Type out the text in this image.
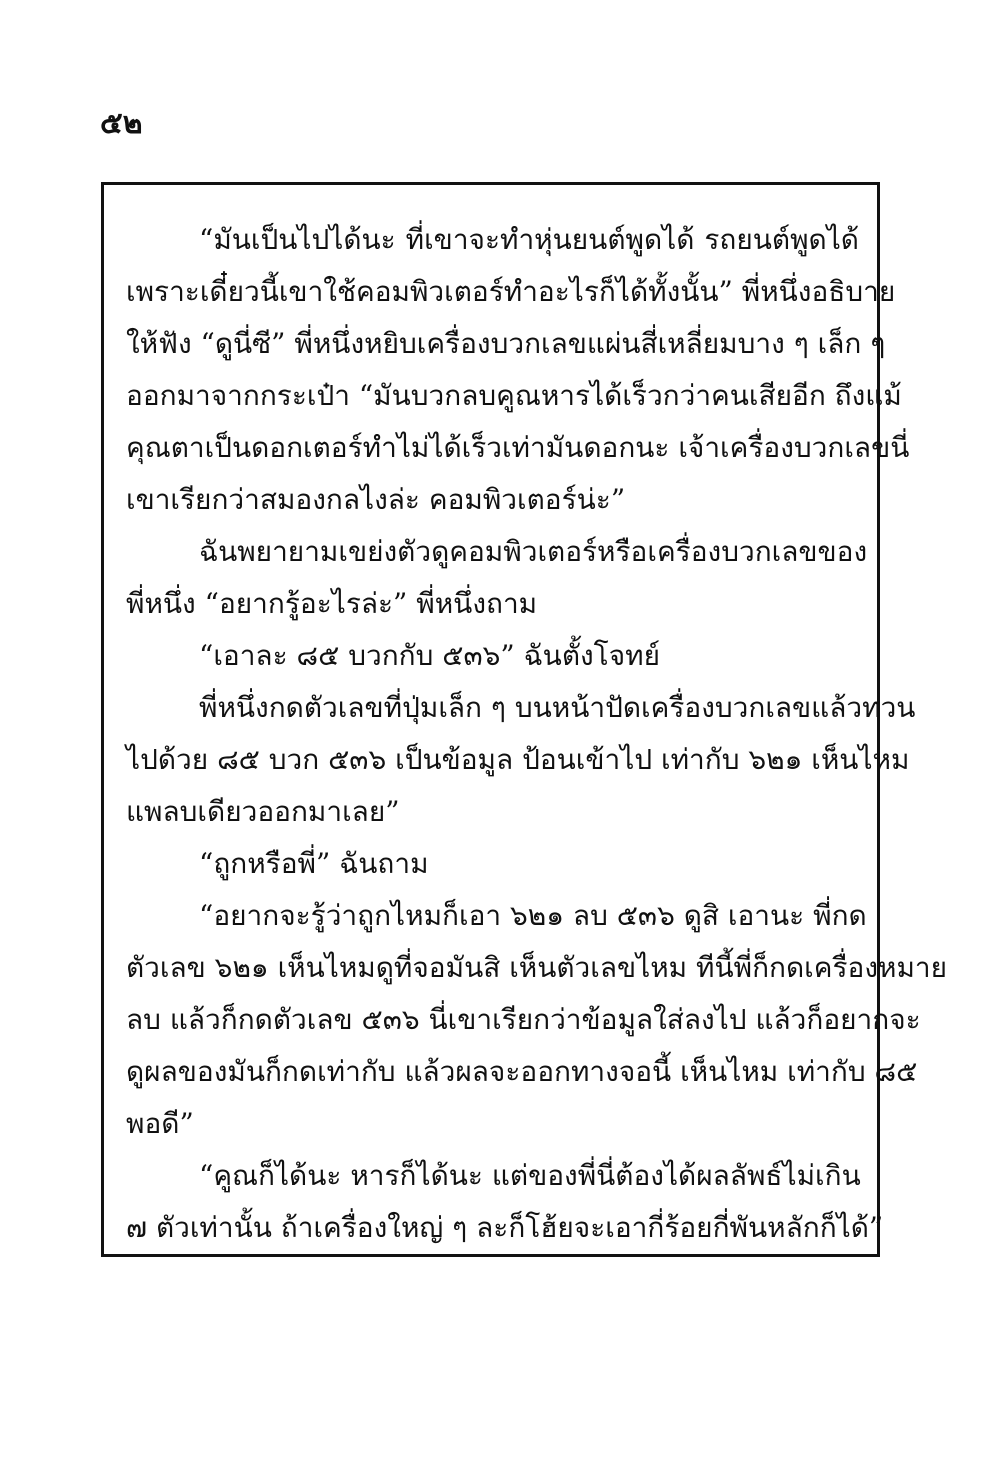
๕๒
“มันเป็นไปได้นะ ที่เขาจะทำหุ่นยนต์พูดได้ รถยนต์พูดได้
เพราะเดี๋ยวนี้เขาใช้คอมพิวเตอร์ทำอะไรก็ได้ทั้งนั้น” พี่หนึ่งอธิบาย
ให้ฟัง “ดูนี่ซี” พี่หนึ่งหยิบเครื่องบวกเลขแผ่นสี่เหลี่ยมบาง ๆ เล็ก ๆ
ออกมาจากกระเป๋า “มันบวกลบคูณหารได้เร็วกว่าคนเสียอีก ถึงแม้
คุณตาเป็นดอกเตอร์ทำไม่ได้เร็วเท่ามันดอกนะ เจ้าเครื่องบวกเลขนี่
เขาเรียกว่าสมองกลไงล่ะ คอมพิวเตอร์น่ะ”
ฉันพยายามเขย่งตัวดูคอมพิวเตอร์หรือเครื่องบวกเลขของ
พี่หนึ่ง “อยากรู้อะไรล่ะ” พี่หนึ่งถาม
“เอาละ ๘๕ บวกกับ ๕๓๖” ฉันตั้งโจทย์
พี่หนึ่งกดตัวเลขที่ปุ่มเล็ก ๆ บนหน้าปัดเครื่องบวกเลขแล้วทวน
ไปด้วย ๘๕ บวก ๕๓๖ เป็นข้อมูล ป้อนเข้าไป เท่ากับ ๖๒๑ เห็นไหม
แพลบเดียวออกมาเลย”
“ถูกหรือพี่” ฉันถาม
“อยากจะรู้ว่าถูกไหมก็เอา ๖๒๑ ลบ ๕๓๖ ดูสิ เอานะ พี่กด
ตัวเลข ๖๒๑ เห็นไหมดูที่จอมันสิ เห็นตัวเลขไหม ทีนี้พี่ก็กดเครื่องหมาย
ลบ แล้วก็กดตัวเลข ๕๓๖ นี่เขาเรียกว่าข้อมูลใส่ลงไป แล้วก็อยากจะ
ดูผลของมันก็กดเท่ากับ แล้วผลจะออกทางจอนี้ เห็นไหม เท่ากับ ๘๕
พอดี”
“คูณก็ได้นะ หารก็ได้นะ แต่ของพี่นี่ต้องได้ผลลัพธ์ไม่เกิน
๗ ตัวเท่านั้น ถ้าเครื่องใหญ่ ๆ ละก็โฮ้ยจะเอากี่ร้อยกี่พันหลักก็ได้”
